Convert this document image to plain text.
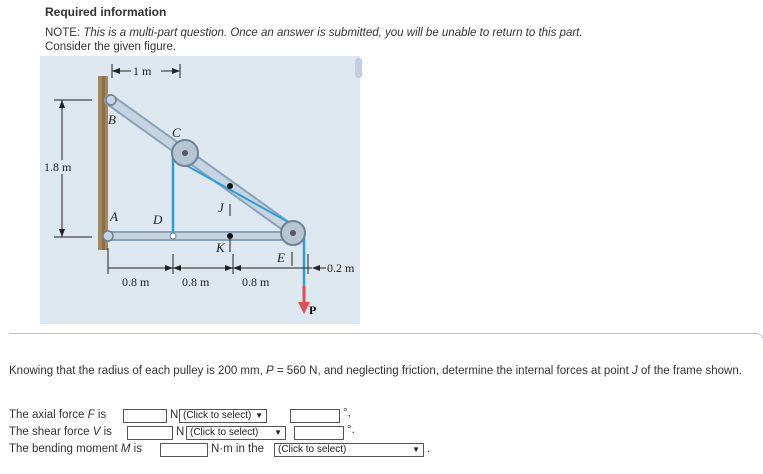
Required information
NOTE: This is a multi-part question. Once an answer is submitted, you will be unable to return to this part.
Consider the given figure.
1 m
1.8 m
B
C
J
A	D
K
E
0.8 m	0.8 m	0.8 m
0.2 m
P
Knowing that the radius of each pulley is 200 mm, P = 560 N, and neglecting friction, determine the internal forces at point J of the frame shown.
The axial force F is	N (Click to select) ▼	°,
The shear force V is	N (Click to select) ▼	°.
The bending moment M is	N·m in the	(Click to select)	▼ .
